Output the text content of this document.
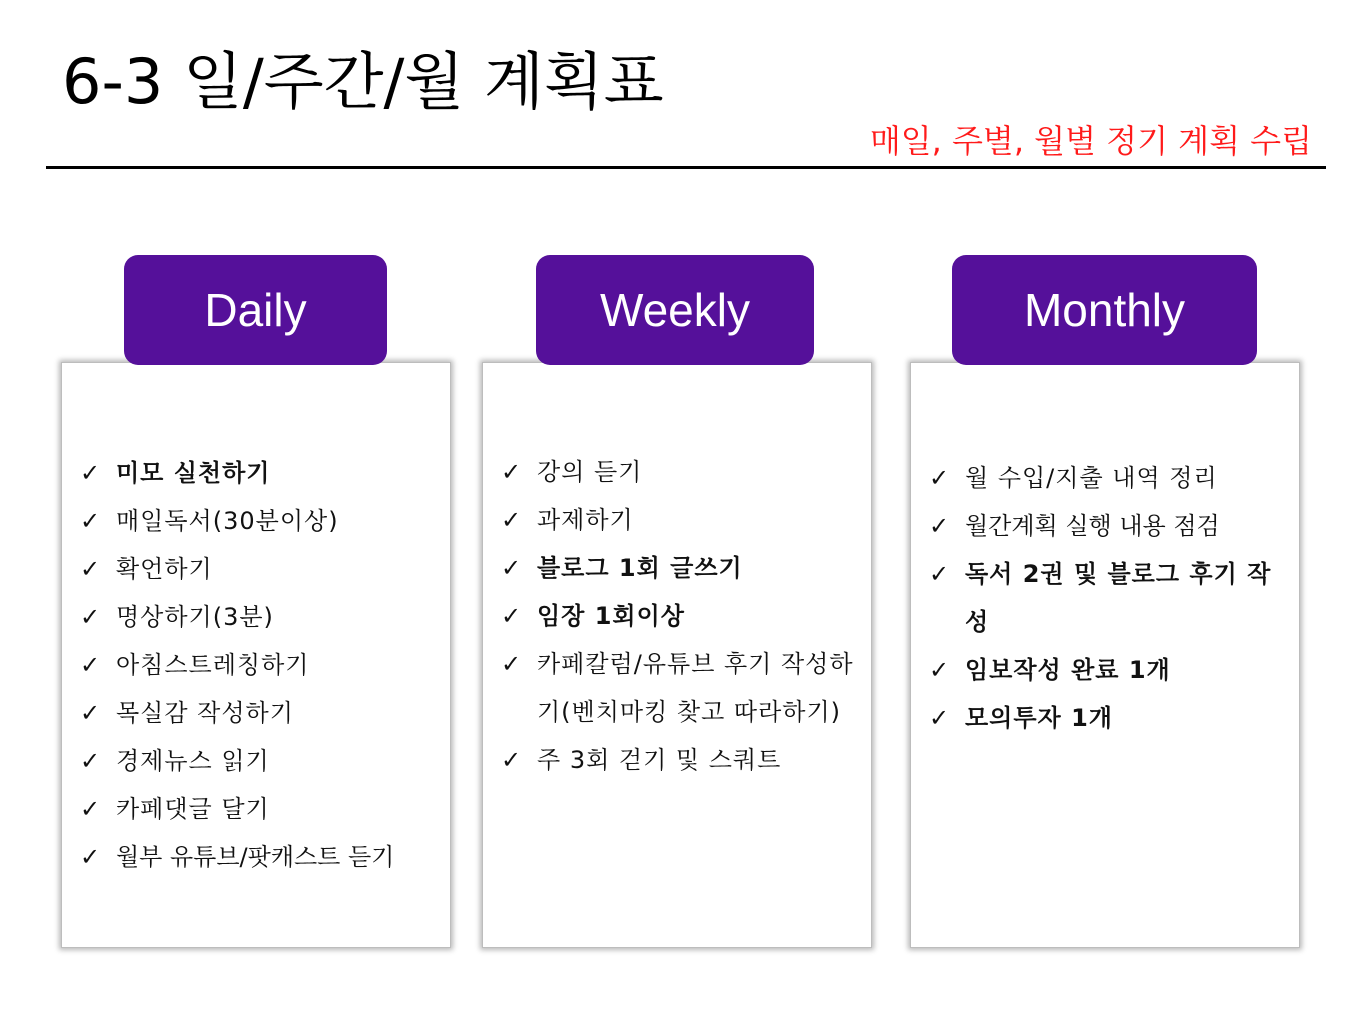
6-3 일/주간/월 계획표
매일, 주별, 월별 정기 계획 수립
Daily
✓ 미모 실천하기
✓ 매일독서(30분이상)
✓ 확언하기
✓ 명상하기(3분)
✓ 아침스트레칭하기
✓ 목실감 작성하기
✓ 경제뉴스 읽기
✓ 카페댓글 달기
✓ 월부 유튜브/팟캐스트 듣기
Weekly
✓ 강의 듣기
✓ 과제하기
✓ 블로그 1회 글쓰기
✓ 임장 1회이상
✓ 카페칼럼/유튜브 후기 작성하기(벤치마킹 찾고 따라하기)
✓ 주 3회 걷기 및 스쿼트
Monthly
✓ 월 수입/지출 내역 정리
✓ 월간계획 실행 내용 점검
✓ 독서 2권 및 블로그 후기 작성
✓ 임보작성 완료 1개
✓ 모의투자 1개
